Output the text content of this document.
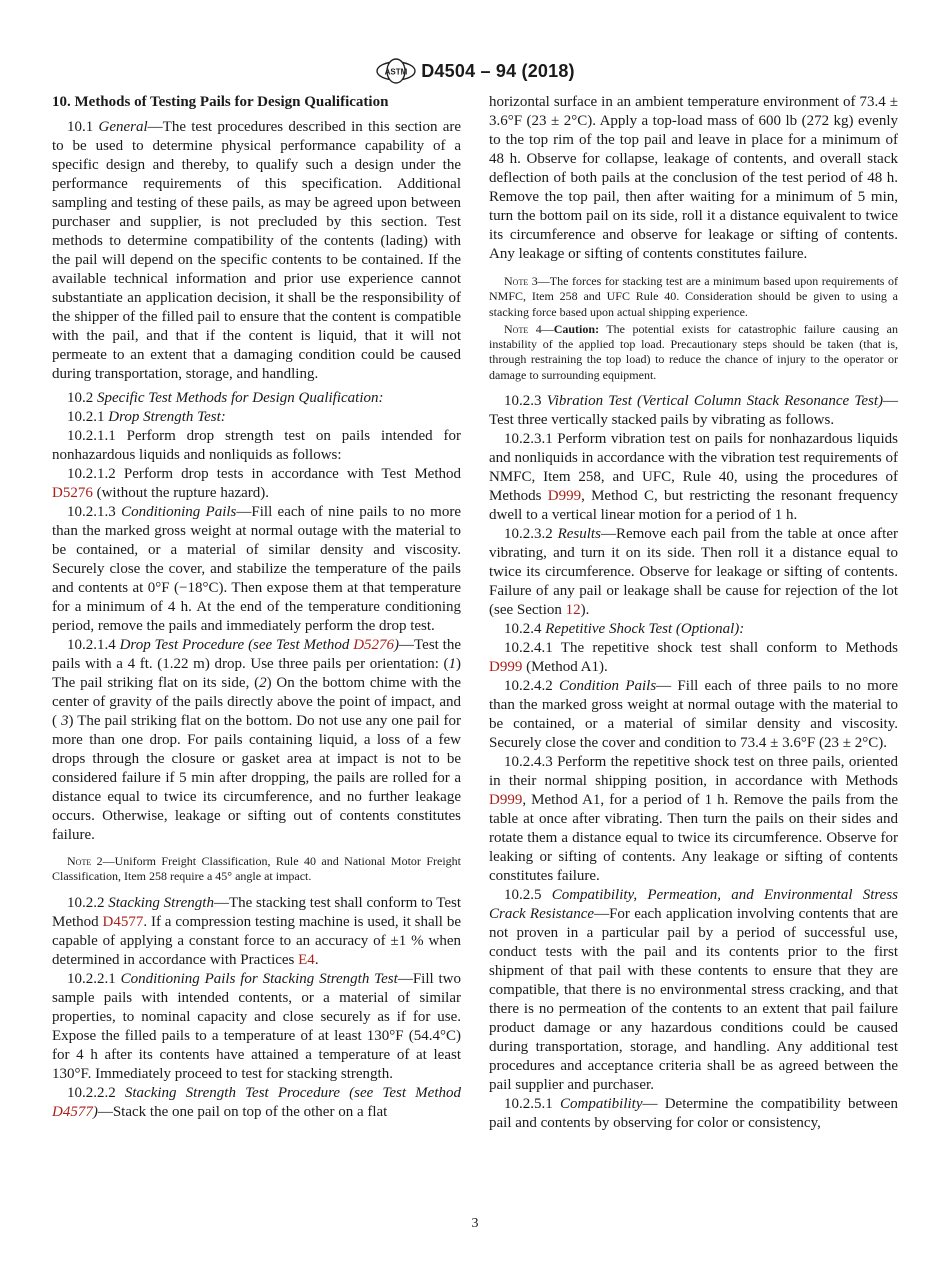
ASTM D4504 – 94 (2018)
10. Methods of Testing Pails for Design Qualification

10.1 General—The test procedures described in this section are to be used to determine physical performance capability of a specific design and thereby, to qualify such a design under the performance requirements of this specification. Additional sampling and testing of these pails, as may be agreed upon between purchaser and supplier, is not precluded by this section. Test methods to determine compatibility of the contents (lading) with the pail will depend on the specific contents to be contained. If the available technical information and prior use experience cannot substantiate an application decision, it shall be the responsibility of the shipper of the filled pail to ensure that the content is compatible with the pail, and that if the content is liquid, that it will not permeate to an extent that a damaging condition could be caused during transportation, storage, and handling.

10.2 Specific Test Methods for Design Qualification:

10.2.1 Drop Strength Test:

10.2.1.1 Perform drop strength test on pails intended for nonhazardous liquids and nonliquids as follows:

10.2.1.2 Perform drop tests in accordance with Test Method D5276 (without the rupture hazard).

10.2.1.3 Conditioning Pails—Fill each of nine pails to no more than the marked gross weight at normal outage with the material to be contained, or a material of similar density and viscosity. Securely close the cover, and stabilize the temperature of the pails and contents at 0°F (−18°C). Then expose them at that temperature for a minimum of 4 h. At the end of the temperature conditioning period, remove the pails and immediately perform the drop test.

10.2.1.4 Drop Test Procedure (see Test Method D5276)—Test the pails with a 4 ft. (1.22 m) drop. Use three pails per orientation: (1) The pail striking flat on its side, (2) On the bottom chime with the center of gravity of the pails directly above the point of impact, and ( 3) The pail striking flat on the bottom. Do not use any one pail for more than one drop. For pails containing liquid, a loss of a few drops through the closure or gasket area at impact is not to be considered failure if 5 min after dropping, the pails are rolled for a distance equal to twice its circumference, and no further leakage occurs. Otherwise, leakage or sifting out of contents constitutes failure.

Note 2—Uniform Freight Classification, Rule 40 and National Motor Freight Classification, Item 258 require a 45° angle at impact.

10.2.2 Stacking Strength—The stacking test shall conform to Test Method D4577. If a compression testing machine is used, it shall be capable of applying a constant force to an accuracy of ±1 % when determined in accordance with Practices E4.

10.2.2.1 Conditioning Pails for Stacking Strength Test—Fill two sample pails with intended contents, or a material of similar properties, to nominal capacity and close securely as if for use. Expose the filled pails to a temperature of at least 130°F (54.4°C) for 4 h after its contents have attained a temperature of at least 130°F. Immediately proceed to test for stacking strength.

10.2.2.2 Stacking Strength Test Procedure (see Test Method D4577)—Stack the one pail on top of the other on a flat

horizontal surface in an ambient temperature environment of 73.4 ± 3.6°F (23 ± 2°C). Apply a top-load mass of 600 lb (272 kg) evenly to the top rim of the top pail and leave in place for a minimum of 48 h. Observe for collapse, leakage of contents, and overall stack deflection of both pails at the conclusion of the test period of 48 h. Remove the top pail, then after waiting for a minimum of 5 min, turn the bottom pail on its side, roll it a distance equivalent to twice its circumference and observe for leakage or sifting of contents. Any leakage or sifting of contents constitutes failure.

Note 3—The forces for stacking test are a minimum based upon requirements of NMFC, Item 258 and UFC Rule 40. Consideration should be given to using a stacking force based upon actual shipping experience.

Note 4—Caution: The potential exists for catastrophic failure causing an instability of the applied top load. Precautionary steps should be taken (that is, through restraining the top load) to reduce the chance of injury to the operator or damage to surrounding equipment.

10.2.3 Vibration Test (Vertical Column Stack Resonance Test)—Test three vertically stacked pails by vibrating as follows.

10.2.3.1 Perform vibration test on pails for nonhazardous liquids and nonliquids in accordance with the vibration test requirements of NMFC, Item 258, and UFC, Rule 40, using the procedures of Methods D999, Method C, but restricting the resonant frequency dwell to a vertical linear motion for a period of 1 h.

10.2.3.2 Results—Remove each pail from the table at once after vibrating, and turn it on its side. Then roll it a distance equal to twice its circumference. Observe for leakage or sifting of contents. Failure of any pail or leakage shall be cause for rejection of the lot (see Section 12).

10.2.4 Repetitive Shock Test (Optional):

10.2.4.1 The repetitive shock test shall conform to Methods D999 (Method A1).

10.2.4.2 Condition Pails— Fill each of three pails to no more than the marked gross weight at normal outage with the material to be contained, or a material of similar density and viscosity. Securely close the cover and condition to 73.4 ± 3.6°F (23 ± 2°C).

10.2.4.3 Perform the repetitive shock test on three pails, oriented in their normal shipping position, in accordance with Methods D999, Method A1, for a period of 1 h. Remove the pails from the table at once after vibrating. Then turn the pails on their sides and rotate them a distance equal to twice its circumference. Observe for leaking or sifting of contents. Any leakage or sifting of contents constitutes failure.

10.2.5 Compatibility, Permeation, and Environmental Stress Crack Resistance—For each application involving contents that are not proven in a particular pail by a period of successful use, conduct tests with the pail and its contents prior to the first shipment of that pail with these contents to ensure that they are compatible, that there is no environmental stress cracking, and that there is no permeation of the contents to an extent that pail failure product damage or any hazardous conditions could be caused during transportation, storage, and handling. Any additional test procedures and acceptance criteria shall be as agreed between the pail supplier and purchaser.

10.2.5.1 Compatibility— Determine the compatibility between pail and contents by observing for color or consistency,

3
